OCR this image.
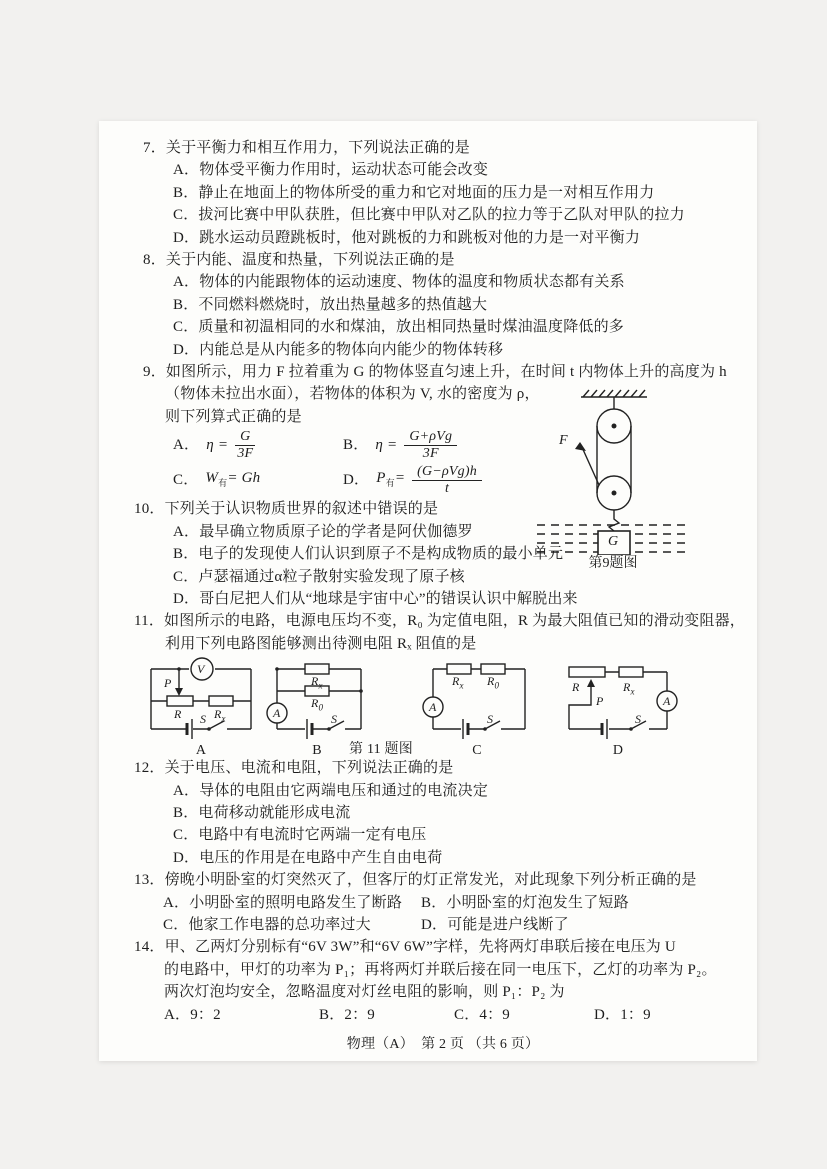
F
G
第9题图
7．关于平衡力和相互作用力，下列说法正确的是
A．物体受平衡力作用时，运动状态可能会改变
B．静止在地面上的物体所受的重力和它对地面的压力是一对相互作用力
C．拔河比赛中甲队获胜，但比赛中甲队对乙队的拉力等于乙队对甲队的拉力
D．跳水运动员蹬跳板时，他对跳板的力和跳板对他的力是一对平衡力
8．关于内能、温度和热量，下列说法正确的是
A．物体的内能跟物体的运动速度、物体的温度和物质状态都有关系
B．不同燃料燃烧时，放出热量越多的热值越大
C．质量和初温相同的水和煤油，放出相同热量时煤油温度降低的多
D．内能总是从内能多的物体向内能少的物体转移
9．如图所示，用力 F 拉着重为 G 的物体竖直匀速上升，在时间 t 内物体上升的高度为 h
（物体未拉出水面），若物体的体积为 V, 水的密度为 ρ，
则下列算式正确的是
A． $\eta = \frac{G}{3F}$	B． $\eta = \frac{\text{G+ρVg}}{3F}$
C． $W_有= Gh$	D． $P_有= \frac{\text{(G−ρVg)h}}{t}$
10．下列关于认识物质世界的叙述中错误的是
A．最早确立物质原子论的学者是阿伏伽德罗
B．电子的发现使人们认识到原子不是构成物质的最小单元
C．卢瑟福通过α粒子散射实验发现了原子核
D．哥白尼把人们从“地球是宇宙中心”的错误认识中解脱出来
11．如图所示的电路，电源电压均不变，R₀ 为定值电阻，R 为最大阻值已知的滑动变阻器，
利用下列电路图能够测出待测电阻 Rₓ 阻值的是
V
P
R	$R_x$
S
A
$R_x$
$R_0$
A	S
B
$R_x$ $R_0$
A
S
C
R
P
$R_x$
A
S
D
第 11 题图
12．关于电压、电流和电阻，下列说法正确的是
A．导体的电阻由它两端电压和通过的电流决定
B．电荷移动就能形成电流
C．电路中有电流时它两端一定有电压
D．电压的作用是在电路中产生自由电荷
13．傍晚小明卧室的灯突然灭了，但客厅的灯正常发光，对此现象下列分析正确的是
A．小明卧室的照明电路发生了断路	B．小明卧室的灯泡发生了短路
C．他家工作电器的总功率过大	D．可能是进户线断了
14．甲、乙两灯分别标有“6V 3W”和“6V 6W”字样，先将两灯串联后接在电压为 U
的电路中，甲灯的功率为 P₁；再将两灯并联后接在同一电压下，乙灯的功率为 P₂。
两次灯泡均安全，忽略温度对灯丝电阻的影响，则 P₁：P₂ 为
A．9：2	B．2：9	C．4：9	D．1：9
物理（A）　第 2 页 （共 6 页）
